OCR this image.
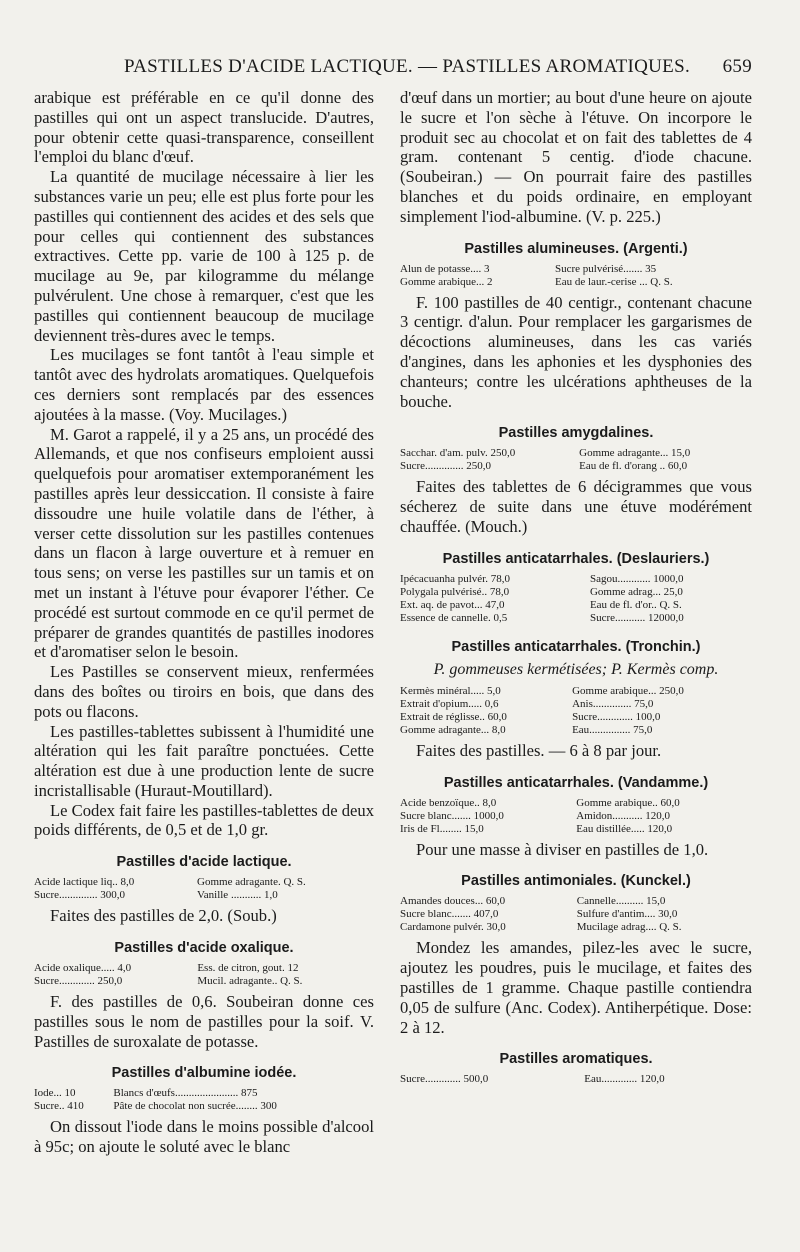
PASTILLES D'ACIDE LACTIQUE. — PASTILLES AROMATIQUES. 659

arabique est préférable en ce qu'il donne des pastilles qui ont un aspect translucide. D'autres, pour obtenir cette quasi-transparence, conseillent l'emploi du blanc d'œuf.

La quantité de mucilage nécessaire à lier les substances varie un peu; elle est plus forte pour les pastilles qui contiennent des acides et des sels que pour celles qui contiennent des substances extractives. Cette pp. varie de 100 à 125 p. de mucilage au 9e, par kilogramme du mélange pulvérulent. Une chose à remarquer, c'est que les pastilles qui contiennent beaucoup de mucilage deviennent très-dures avec le temps.

Les mucilages se font tantôt à l'eau simple et tantôt avec des hydrolats aromatiques. Quelquefois ces derniers sont remplacés par des essences ajoutées à la masse. (Voy. Mucilages.)

M. Garot a rappelé, il y a 25 ans, un procédé des Allemands, et que nos confiseurs emploient aussi quelquefois pour aromatiser extemporanément les pastilles après leur dessiccation. Il consiste à faire dissoudre une huile volatile dans de l'éther, à verser cette dissolution sur les pastilles contenues dans un flacon à large ouverture et à remuer en tous sens; on verse les pastilles sur un tamis et on met un instant à l'étuve pour évaporer l'éther. Ce procédé est surtout commode en ce qu'il permet de préparer de grandes quantités de pastilles inodores et d'aromatiser selon le besoin.

Les Pastilles se conservent mieux, renfermées dans des boîtes ou tiroirs en bois, que dans des pots ou flacons.

Les pastilles-tablettes subissent à l'humidité une altération qui les fait paraître ponctuées. Cette altération est due à une production lente de sucre incristallisable (Huraut-Moutillard).

Le Codex fait faire les pastilles-tablettes de deux poids différents, de 0,5 et de 1,0 gr.

Pastilles d'acide lactique.
Acide lactique liq.. 8,0	Gomme adragante. Q. S.
Sucre.............. 300,0	Vanille ........... 1,0

Faites des pastilles de 2,0. (Soub.)

Pastilles d'acide oxalique.
Acide oxalique..... 4,0	Ess. de citron, gout. 12
Sucre............. 250,0	Mucil. adragante.. Q. S.

F. des pastilles de 0,6. Soubeiran donne ces pastilles sous le nom de pastilles pour la soif. V. Pastilles de suroxalate de potasse.

Pastilles d'albumine iodée.
Iode... 10	Blancs d'œufs....................... 875
Sucre.. 410	Pâte de chocolat non sucrée........ 300

On dissout l'iode dans le moins possible d'alcool à 95c; on ajoute le soluté avec le blanc

d'œuf dans un mortier; au bout d'une heure on ajoute le sucre et l'on sèche à l'étuve. On incorpore le produit sec au chocolat et on fait des tablettes de 4 gram. contenant 5 centig. d'iode chacune. (Soubeiran.) — On pourrait faire des pastilles blanches et du poids ordinaire, en employant simplement l'iod-albumine. (V. p. 225.)

Pastilles alumineuses. (Argenti.)
Alun de potasse.... 3	Sucre pulvérisé....... 35
Gomme arabique... 2	Eau de laur.-cerise ... Q. S.

F. 100 pastilles de 40 centigr., contenant chacune 3 centigr. d'alun. Pour remplacer les gargarismes de décoctions alumineuses, dans les cas variés d'angines, dans les aphonies et les dysphonies des chanteurs; contre les ulcérations aphtheuses de la bouche.

Pastilles amygdalines.
Sacchar. d'am. pulv. 250,0	Gomme adragante... 15,0
Sucre.............. 250,0	Eau de fl. d'orang .. 60,0

Faites des tablettes de 6 décigrammes que vous sécherez de suite dans une étuve modérément chauffée. (Mouch.)

Pastilles anticatarrhales. (Deslauriers.)
Ipécacuanha pulvér. 78,0	Sagou............ 1000,0
Polygala pulvérisé.. 78,0	Gomme adrag... 25,0
Ext. aq. de pavot... 47,0	Eau de fl. d'or.. Q. S.
Essence de cannelle. 0,5	Sucre........... 12000,0
Pastilles anticatarrhales. (Tronchin.)
P. gommeuses kermétisées; P. Kermès comp.
Kermès minéral..... 5,0	Gomme arabique... 250,0
Extrait d'opium..... 0,6	Anis.............. 75,0
Extrait de réglisse.. 60,0	Sucre............. 100,0
Gomme adragante... 8,0	Eau............... 75,0

Faites des pastilles. — 6 à 8 par jour.

Pastilles anticatarrhales. (Vandamme.)
Acide benzoïque.. 8,0	Gomme arabique.. 60,0
Sucre blanc....... 1000,0	Amidon........... 120,0
Iris de Fl........ 15,0	Eau distillée..... 120,0

Pour une masse à diviser en pastilles de 1,0.

Pastilles antimoniales. (Kunckel.)
Amandes douces... 60,0	Cannelle.......... 15,0
Sucre blanc....... 407,0	Sulfure d'antim.... 30,0
Cardamone pulvér. 30,0	Mucilage adrag.... Q. S.

Mondez les amandes, pilez-les avec le sucre, ajoutez les poudres, puis le mucilage, et faites des pastilles de 1 gramme. Chaque pastille contiendra 0,05 de sulfure (Anc. Codex). Antiherpétique. Dose: 2 à 12.

Pastilles aromatiques.
Sucre............. 500,0	Eau............. 120,0
